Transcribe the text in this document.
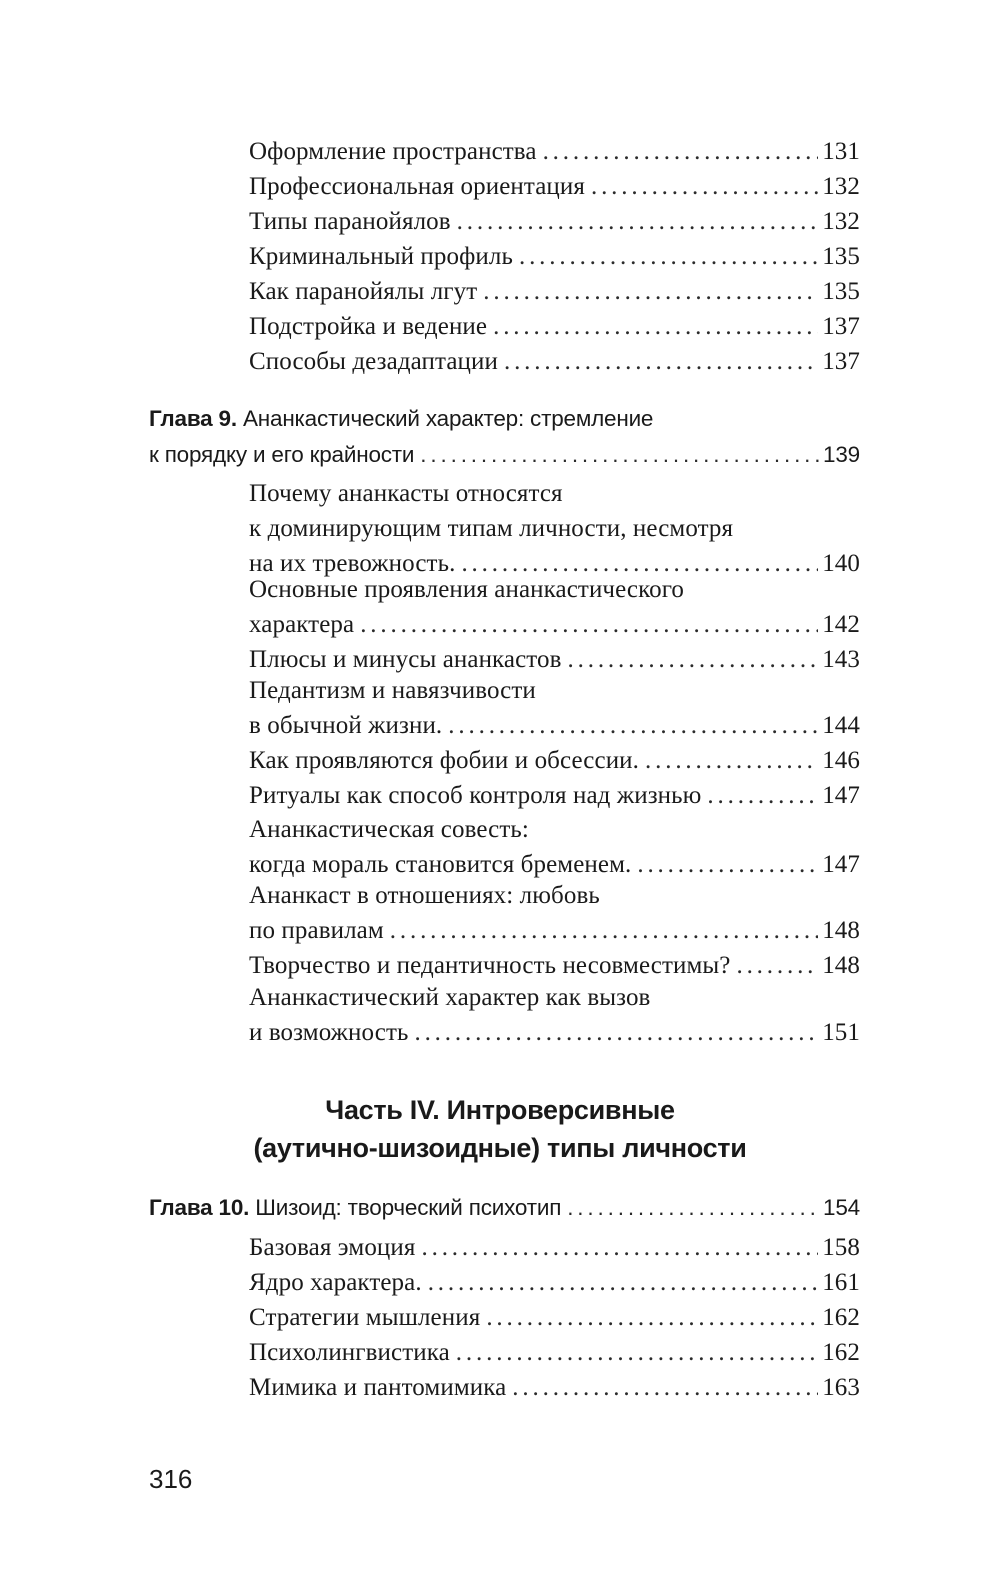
Оформление пространства . . .	131
Профессиональная ориентация . . .	132
Типы паранойялов . . .	132
Криминальный профиль . . .	135
Как паранойялы лгут . . .	135
Подстройка и ведение . . .	137
Способы дезадаптации . . .	137
Глава 9. Ананкастический характер: стремление
к порядку и его крайности . . .	139
Почему ананкасты относятся
к доминирующим типам личности, несмотря
на их тревожность. . . .	140
Основные проявления ананкастического
характера . . .	142
Плюсы и минусы ананкастов . . .	143
Педантизм и навязчивости
в обычной жизни. . . .	144
Как проявляются фобии и обсессии. . . .	146
Ритуалы как способ контроля над жизнью . . .	147
Ананкастическая совесть:
когда мораль становится бременем. . . .	147
Ананкаст в отношениях: любовь
по правилам . . .	148
Творчество и педантичность несовместимы? . . .	148
Ананкастический характер как вызов
и возможность . . .	151
Часть IV. Интроверсивные
(аутично-шизоидные) типы личности
Глава 10. Шизоид: творческий психотип . . .	154
Базовая эмоция . . .	158
Ядро характера. . . .	161
Стратегии мышления . . .	162
Психолингвистика . . .	162
Мимика и пантомимика . . .	163
316
